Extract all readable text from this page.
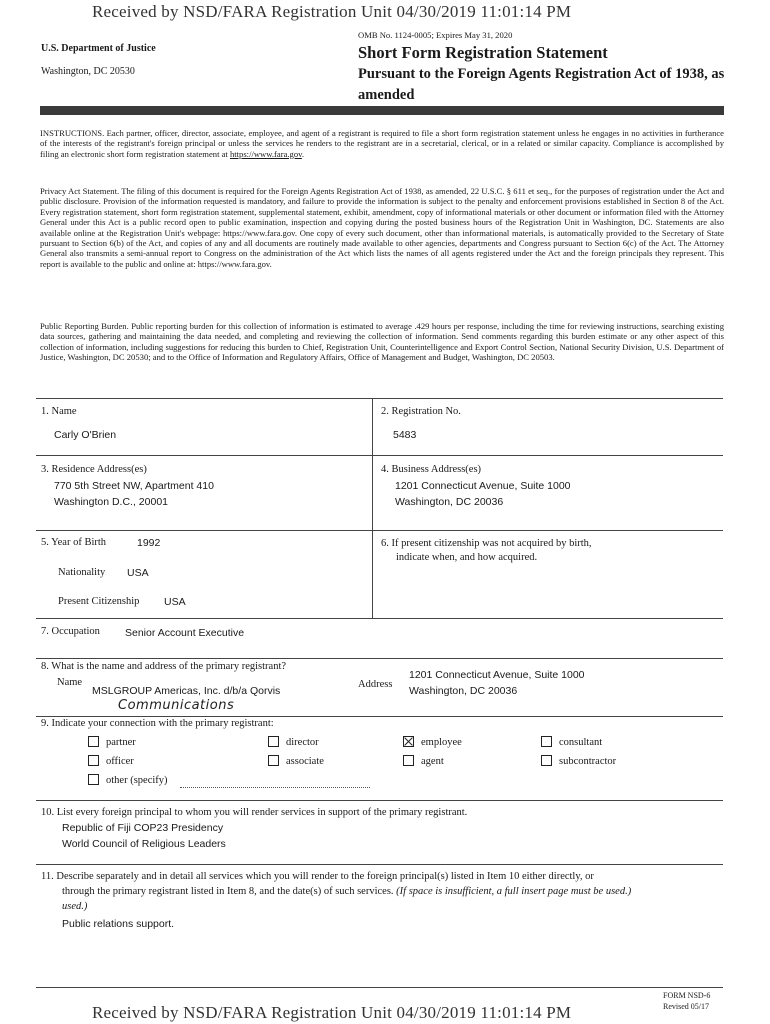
Received by NSD/FARA Registration Unit 04/30/2019 11:01:14 PM
U.S. Department of Justice
Washington, DC 20530
OMB No. 1124-0005; Expires May 31, 2020
Short Form Registration Statement
Pursuant to the Foreign Agents Registration Act of 1938, as amended
INSTRUCTIONS. Each partner, officer, director, associate, employee, and agent of a registrant is required to file a short form registration statement unless he engages in no activities in furtherance of the interests of the registrant's foreign principal or unless the services he renders to the registrant are in a secretarial, clerical, or in a related or similar capacity. Compliance is accomplished by filing an electronic short form registration statement at https://www.fara.gov.
Privacy Act Statement. The filing of this document is required for the Foreign Agents Registration Act of 1938, as amended, 22 U.S.C. § 611 et seq., for the purposes of registration under the Act and public disclosure. Provision of the information requested is mandatory, and failure to provide the information is subject to the penalty and enforcement provisions established in Section 8 of the Act. Every registration statement, short form registration statement, supplemental statement, exhibit, amendment, copy of informational materials or other document or information filed with the Attorney General under this Act is a public record open to public examination, inspection and copying during the posted business hours of the Registration Unit in Washington, DC. Statements are also available online at the Registration Unit's webpage: https://www.fara.gov. One copy of every such document, other than informational materials, is automatically provided to the Secretary of State pursuant to Section 6(b) of the Act, and copies of any and all documents are routinely made available to other agencies, departments and Congress pursuant to Section 6(c) of the Act. The Attorney General also transmits a semi-annual report to Congress on the administration of the Act which lists the names of all agents registered under the Act and the foreign principals they represent. This report is available to the public and online at: https://www.fara.gov.
Public Reporting Burden. Public reporting burden for this collection of information is estimated to average .429 hours per response, including the time for reviewing instructions, searching existing data sources, gathering and maintaining the data needed, and completing and reviewing the collection of information. Send comments regarding this burden estimate or any other aspect of this collection of information, including suggestions for reducing this burden to Chief, Registration Unit, Counterintelligence and Export Control Section, National Security Division, U.S. Department of Justice, Washington, DC 20530; and to the Office of Information and Regulatory Affairs, Office of Management and Budget, Washington, DC 20503.
1. Name
Carly O'Brien
2. Registration No.
5483
3. Residence Address(es)
770 5th Street NW, Apartment 410
Washington D.C., 20001
4. Business Address(es)
1201 Connecticut Avenue, Suite 1000
Washington, DC 20036
5. Year of Birth	1992
Nationality USA
Present Citizenship USA
6. If present citizenship was not acquired by birth,
indicate when, and how acquired.
7. Occupation Senior Account Executive
8. What is the name and address of the primary registrant?
Name
MSLGROUP Americas, Inc. d/b/a Qorvis
Communications
Address
1201 Connecticut Avenue, Suite 1000
Washington, DC 20036
9. Indicate your connection with the primary registrant:
partner	director	employee	consultant
officer	associate	agent	subcontractor
other (specify)
10. List every foreign principal to whom you will render services in support of the primary registrant.
Republic of Fiji COP23 Presidency
World Council of Religious Leaders
11. Describe separately and in detail all services which you will render to the foreign principal(s) listed in Item 10 either directly, or
through the primary registrant listed in Item 8, and the date(s) of such services. (If space is insufficient, a full insert page must be used.)
used.)
Public relations support.
FORM NSD-6
Revised 05/17
Received by NSD/FARA Registration Unit 04/30/2019 11:01:14 PM
